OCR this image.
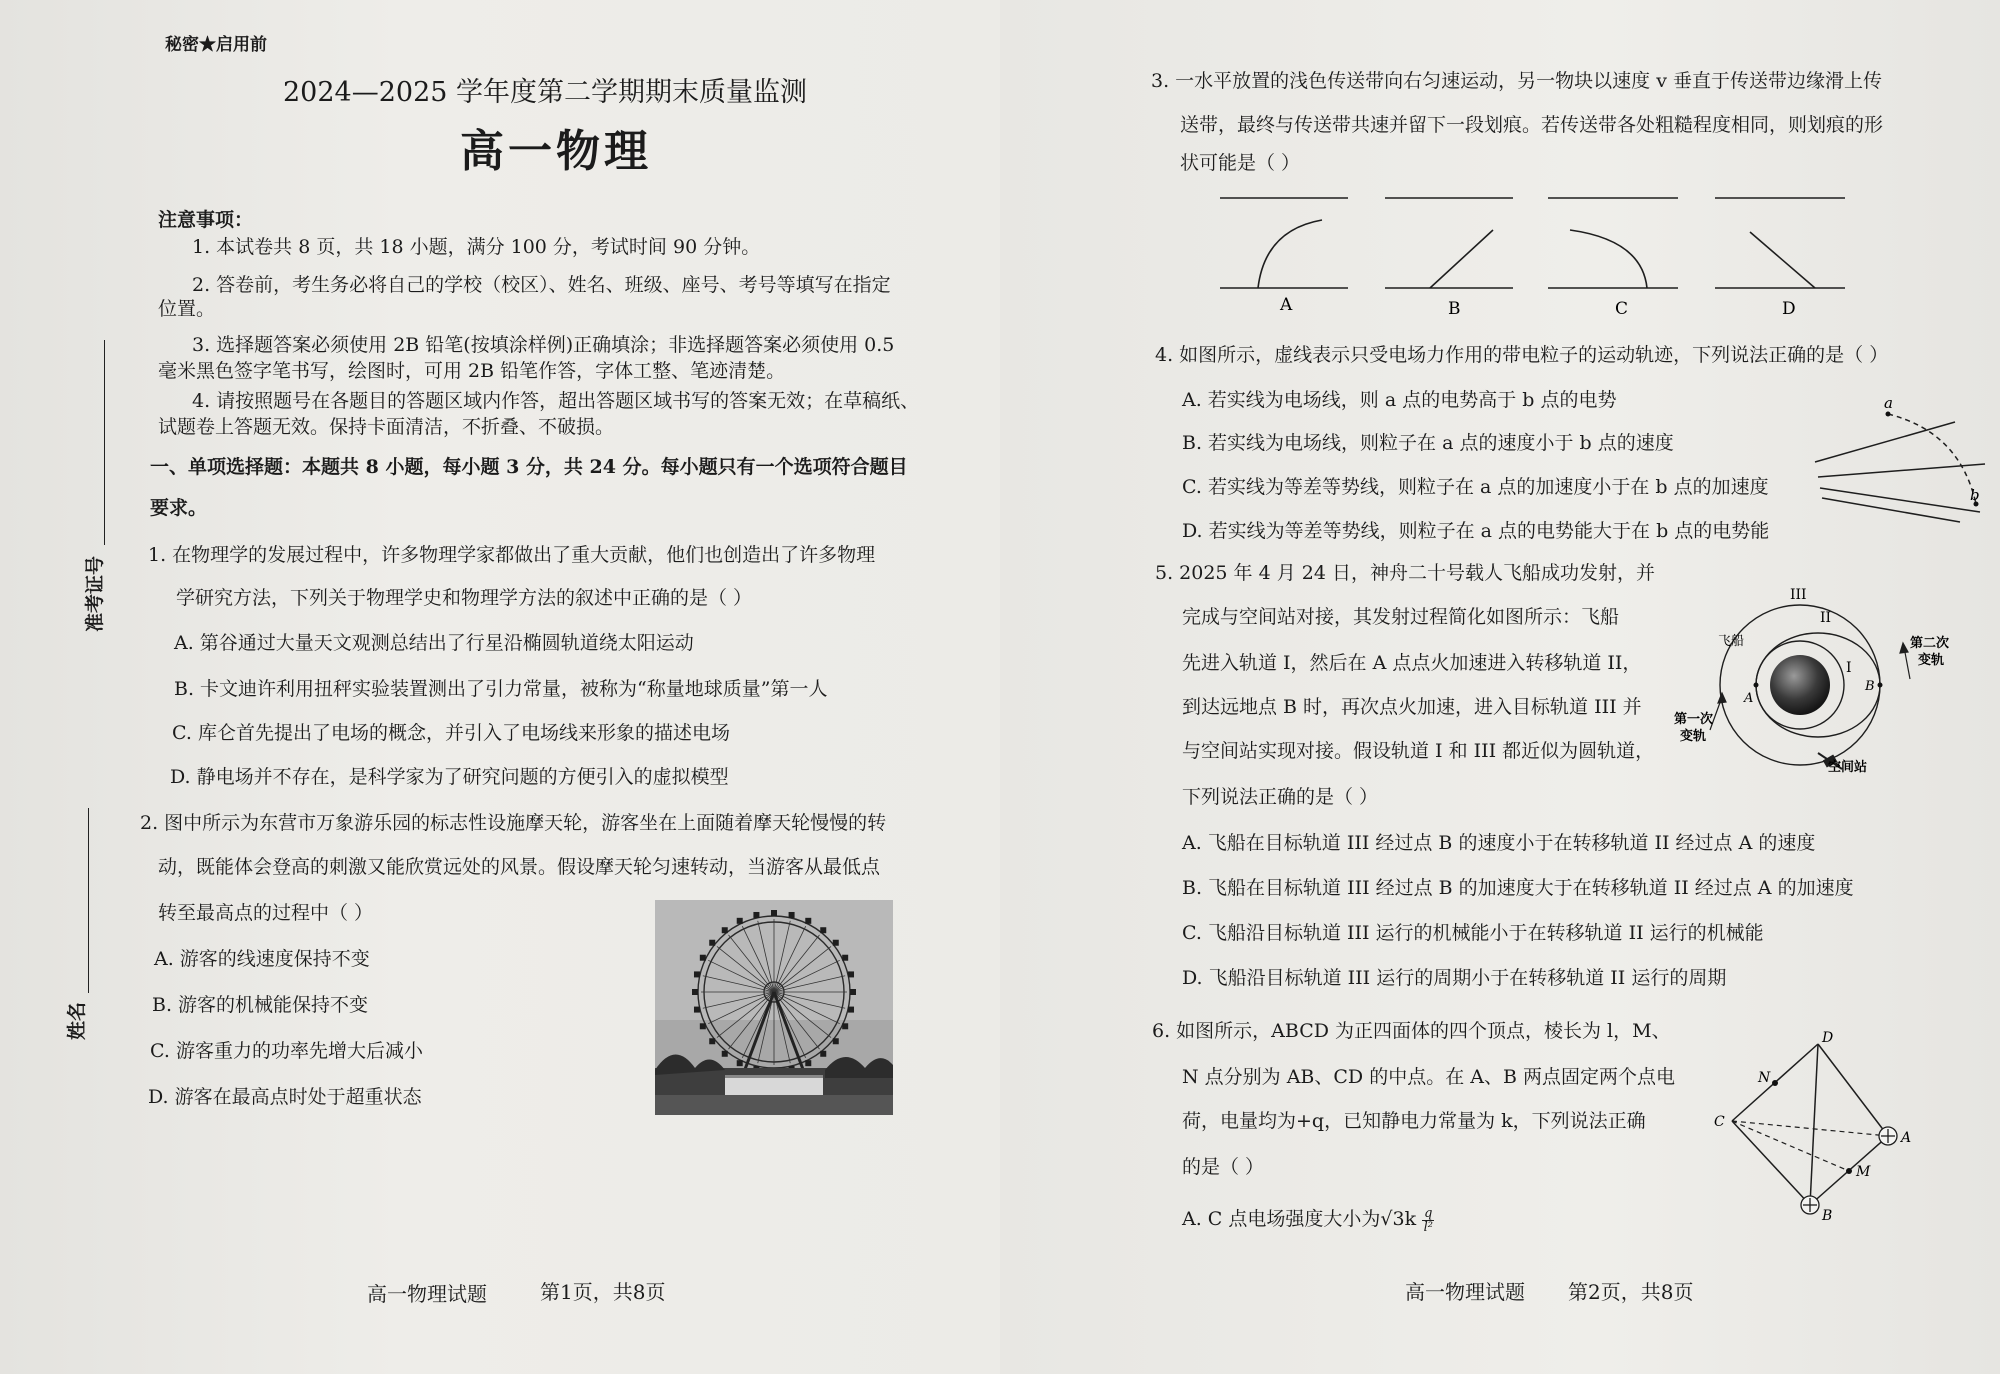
秘密★启用前
2024—2025 学年度第二学期期末质量监测
高一物理
注意事项：
1. 本试卷共 8 页，共 18 小题，满分 100 分，考试时间 90 分钟。
2. 答卷前，考生务必将自己的学校（校区）、姓名、班级、座号、考号等填写在指定
位置。
3. 选择题答案必须使用 2B 铅笔(按填涂样例)正确填涂；非选择题答案必须使用 0.5
毫米黑色签字笔书写，绘图时，可用 2B 铅笔作答，字体工整、笔迹清楚。
4. 请按照题号在各题目的答题区域内作答，超出答题区域书写的答案无效；在草稿纸、
试题卷上答题无效。保持卡面清洁，不折叠、不破损。
一、单项选择题：本题共 8 小题，每小题 3 分，共 24 分。每小题只有一个选项符合题目
要求。
1. 在物理学的发展过程中，许多物理学家都做出了重大贡献，他们也创造出了许多物理
学研究方法，下列关于物理学史和物理学方法的叙述中正确的是（ ）
A. 第谷通过大量天文观测总结出了行星沿椭圆轨道绕太阳运动
B. 卡文迪许利用扭秤实验装置测出了引力常量，被称为“称量地球质量”第一人
C. 库仑首先提出了电场的概念，并引入了电场线来形象的描述电场
D. 静电场并不存在，是科学家为了研究问题的方便引入的虚拟模型
2. 图中所示为东营市万象游乐园的标志性设施摩天轮，游客坐在上面随着摩天轮慢慢的转
动，既能体会登高的刺激又能欣赏远处的风景。假设摩天轮匀速转动，当游客从最低点
转至最高点的过程中（ ）
A. 游客的线速度保持不变
B. 游客的机械能保持不变
C. 游客重力的功率先增大后减小
D. 游客在最高点时处于超重状态
准考证号
姓名
高一物理试题	第1页，共8页
3. 一水平放置的浅色传送带向右匀速运动，另一物块以速度 v 垂直于传送带边缘滑上传
送带，最终与传送带共速并留下一段划痕。若传送带各处粗糙程度相同，则划痕的形
状可能是（ ）
A	B	C	D
4. 如图所示，虚线表示只受电场力作用的带电粒子的运动轨迹，下列说法正确的是（ ）
A. 若实线为电场线，则 a 点的电势高于 b 点的电势
B. 若实线为电场线，则粒子在 a 点的速度小于 b 点的速度
C. 若实线为等差等势线，则粒子在 a 点的加速度小于在 b 点的加速度
D. 若实线为等差等势线，则粒子在 a 点的电势能大于在 b 点的电势能
a
b
5. 2025 年 4 月 24 日，神舟二十号载人飞船成功发射，并
完成与空间站对接，其发射过程简化如图所示：飞船
先进入轨道 I，然后在 A 点点火加速进入转移轨道 II，
到达远地点 B 时，再次点火加速，进入目标轨道 III 并
与空间站实现对接。假设轨道 I 和 III 都近似为圆轨道，
下列说法正确的是（ ）
A. 飞船在目标轨道 III 经过点 B 的速度小于在转移轨道 II 经过点 A 的速度
B. 飞船在目标轨道 III 经过点 B 的加速度大于在转移轨道 II 经过点 A 的加速度
C. 飞船沿目标轨道 III 运行的机械能小于在转移轨道 II 运行的机械能
D. 飞船沿目标轨道 III 运行的周期小于在转移轨道 II 运行的周期
III
II
I
飞船	第二次
变轨
第一次
变轨
A
B
空间站
6. 如图所示，ABCD 为正四面体的四个顶点，棱长为 l，M、
N 点分别为 AB、CD 的中点。在 A、B 两点固定两个点电
荷，电量均为+q，已知静电力常量为 k，下列说法正确
的是（ ）
A. C 点电场强度大小为$√3k \frac{q}{\text{l²}}$
D
N
C
A
M
B
高一物理试题 第2页，共8页
